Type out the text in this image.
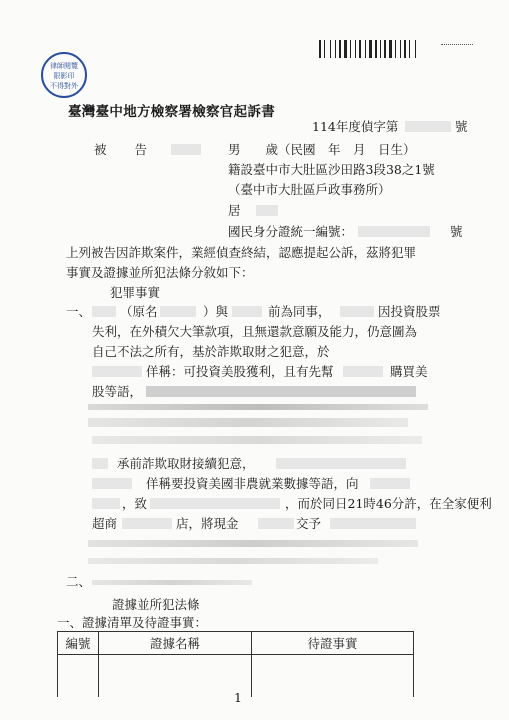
律師閱覽
限影印
不得對外
臺灣臺中地方檢察署檢察官起訴書
114年度偵字第	號
被　　告	男　　歲（民國　年　月　日生）
籍設臺中市大肚區沙田路3段38之1號
（臺中市大肚區戶政事務所）
居
國民身分證統一編號：	號
上列被告因詐欺案件，業經偵查終結，認應提起公訴，茲將犯罪
事實及證據並所犯法條分敘如下：
犯罪事實
一、 （原名	）與	前為同事，	因投資股票
失利，在外積欠大筆款項，且無還款意願及能力，仍意圖為
自己不法之所有，基於詐欺取財之犯意，於
佯稱：可投資美股獲利，且有先幫	購買美
股等語，
承前詐欺取財接續犯意，
佯稱要投資美國非農就業數據等語，向
，致	，而於同日21時46分許，在全家便利
超商	店，將現金	交予
二、
證據並所犯法條
一、證據清單及待證事實：
編號	證據名稱	待證事實

1
